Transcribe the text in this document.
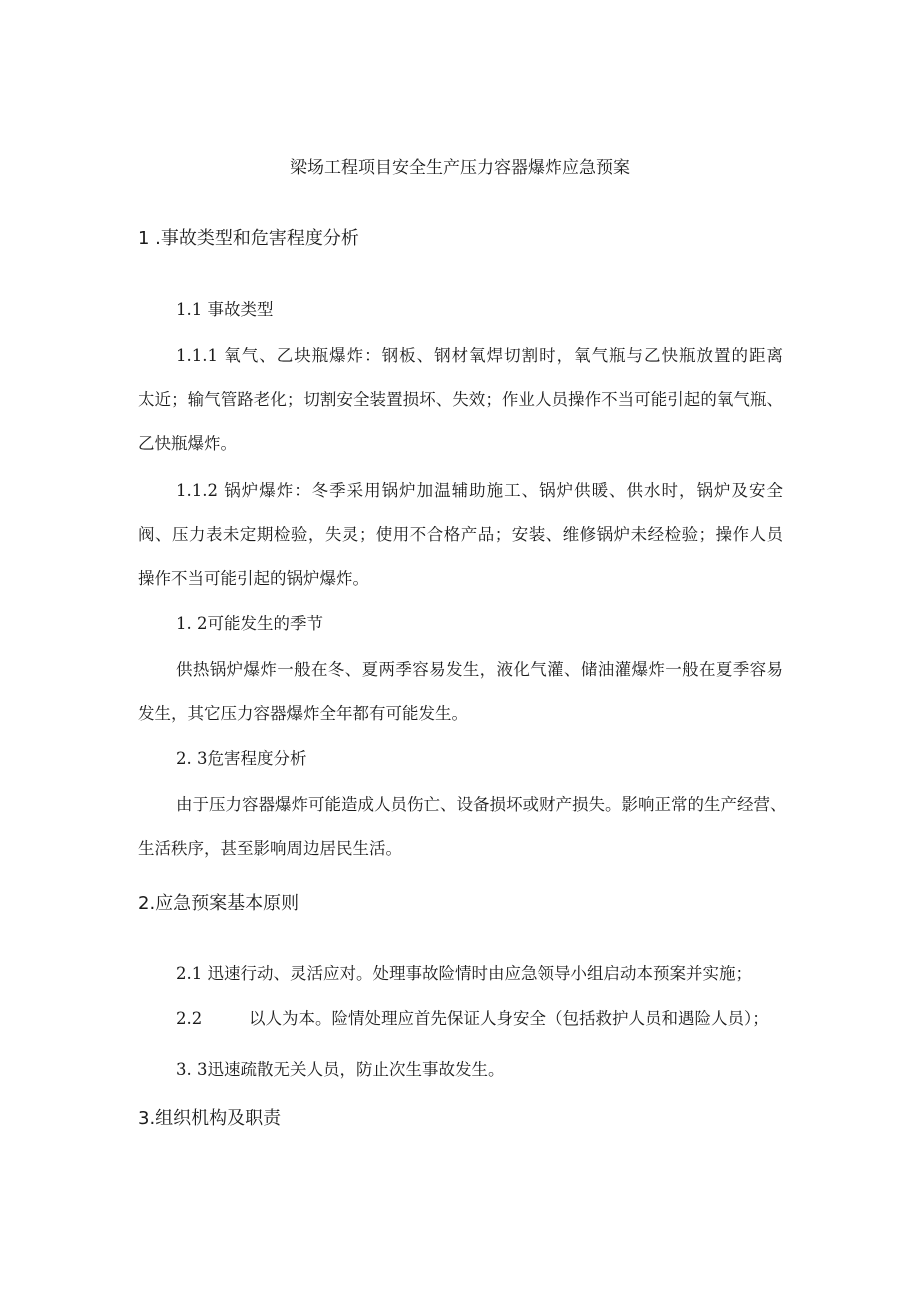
梁场工程项目安全生产压力容器爆炸应急预案
1 .事故类型和危害程度分析
1.1 事故类型
1.1.1 氧气、乙块瓶爆炸：钢板、钢材氧焊切割时，氧气瓶与乙快瓶放置的距离
太近；输气管路老化；切割安全装置损坏、失效；作业人员操作不当可能引起的氧气瓶、
乙快瓶爆炸。
1.1.2 锅炉爆炸：冬季采用锅炉加温辅助施工、锅炉供暖、供水时，锅炉及安全
阀、压力表未定期检验，失灵；使用不合格产品；安装、维修锅炉未经检验；操作人员
操作不当可能引起的锅炉爆炸。
1. 2可能发生的季节
供热锅炉爆炸一般在冬、夏两季容易发生，液化气灌、储油灌爆炸一般在夏季容易
发生，其它压力容器爆炸全年都有可能发生。
2. 3危害程度分析
由于压力容器爆炸可能造成人员伤亡、设备损坏或财产损失。影响正常的生产经营、
生活秩序，甚至影响周边居民生活。
2.应急预案基本原则
2.1 迅速行动、灵活应对。处理事故险情时由应急领导小组启动本预案并实施；
2.2	以人为本。险情处理应首先保证人身安全（包括救护人员和遇险人员）；
3. 3迅速疏散无关人员，防止次生事故发生。
3.组织机构及职责
